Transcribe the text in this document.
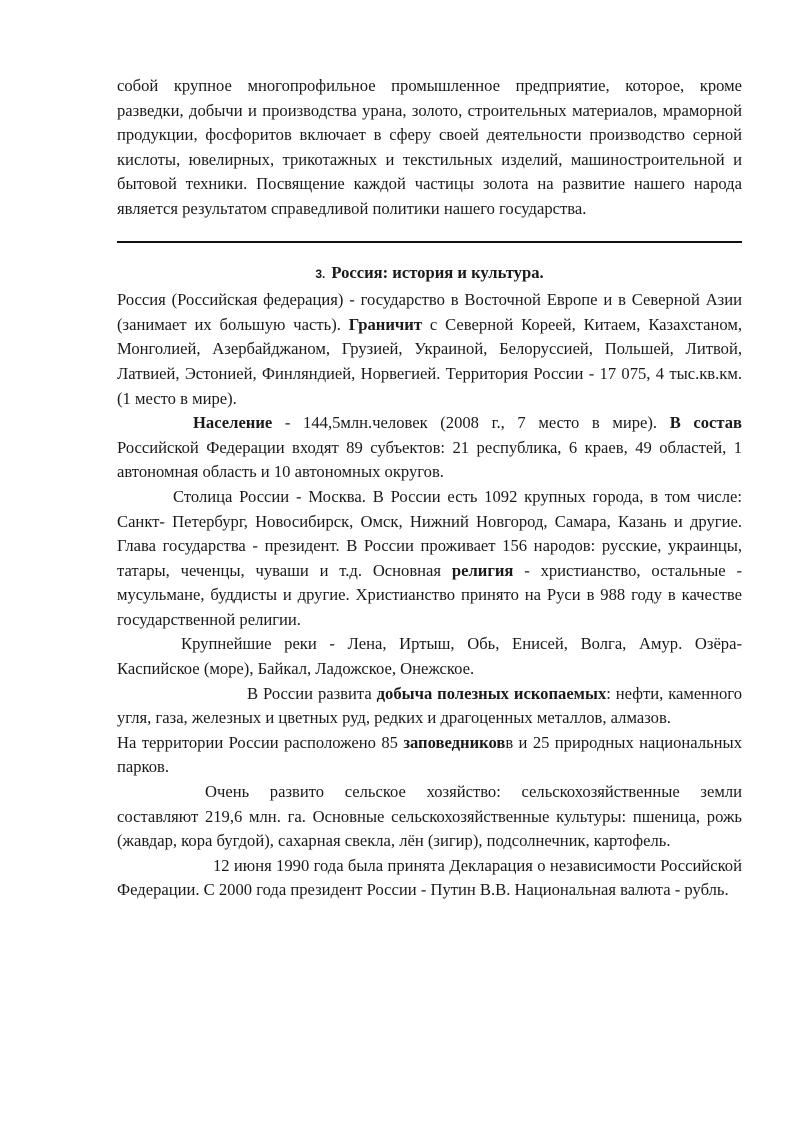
собой крупное многопрофильное промышленное предприятие, которое, кроме разведки, добычи и производства урана, золото, строительных материалов, мраморной продукции, фосфоритов включает в сферу своей деятельности производство серной кислоты, ювелирных, трикотажных и текстильных изделий, машиностроительной и бытовой техники. Посвящение каждой частицы золота на развитие нашего народа является результатом справедливой политики нашего государства.

3. Россия: история и культура.

Россия (Российская федерация) - государство в Восточной Европе и в Северной Азии (занимает их большую часть). Граничит с Северной Кореей, Китаем, Казахстаном, Монголией, Азербайджаном, Грузией, Украиной, Белоруссией, Польшей, Литвой, Латвией, Эстонией, Финляндией, Норвегией. Территория России - 17 075, 4 тыс.кв.км. (1 место в мире).

Население - 144,5млн.человек (2008 г., 7 место в мире). В состав Российской Федерации входят 89 субъектов: 21 республика, 6 краев, 49 областей, 1 автономная область и 10 автономных округов.

Столица России - Москва. В России есть 1092 крупных города, в том числе: Санкт- Петербург, Новосибирск, Омск, Нижний Новгород, Самара, Казань и другие. Глава государства - президент. В России проживает 156 народов: русские, украинцы, татары, чеченцы, чуваши и т.д. Основная религия - христианство, остальные - мусульмане, буддисты и другие. Христианство принято на Руси в 988 году в качестве государственной религии.

Крупнейшие реки - Лена, Иртыш, Обь, Енисей, Волга, Амур. Озёра- Каспийское (море), Байкал, Ладожское, Онежское.

В России развита добыча полезных ископаемых: нефти, каменного угля, газа, железных и цветных руд, редких и драгоценных металлов, алмазов.

На территории России расположено 85 заповедниковв и 25 природных национальных парков.

Очень развито сельское хозяйство: сельскохозяйственные земли составляют 219,6 млн. га. Основные сельскохозяйственные культуры: пшеница, рожь (жавдар, кора бугдой), сахарная свекла, лён (зигир), подсолнечник, картофель.

12 июня 1990 года была принята Декларация о независимости Российской Федерации. С 2000 года президент России - Путин В.В. Национальная валюта - рубль.
